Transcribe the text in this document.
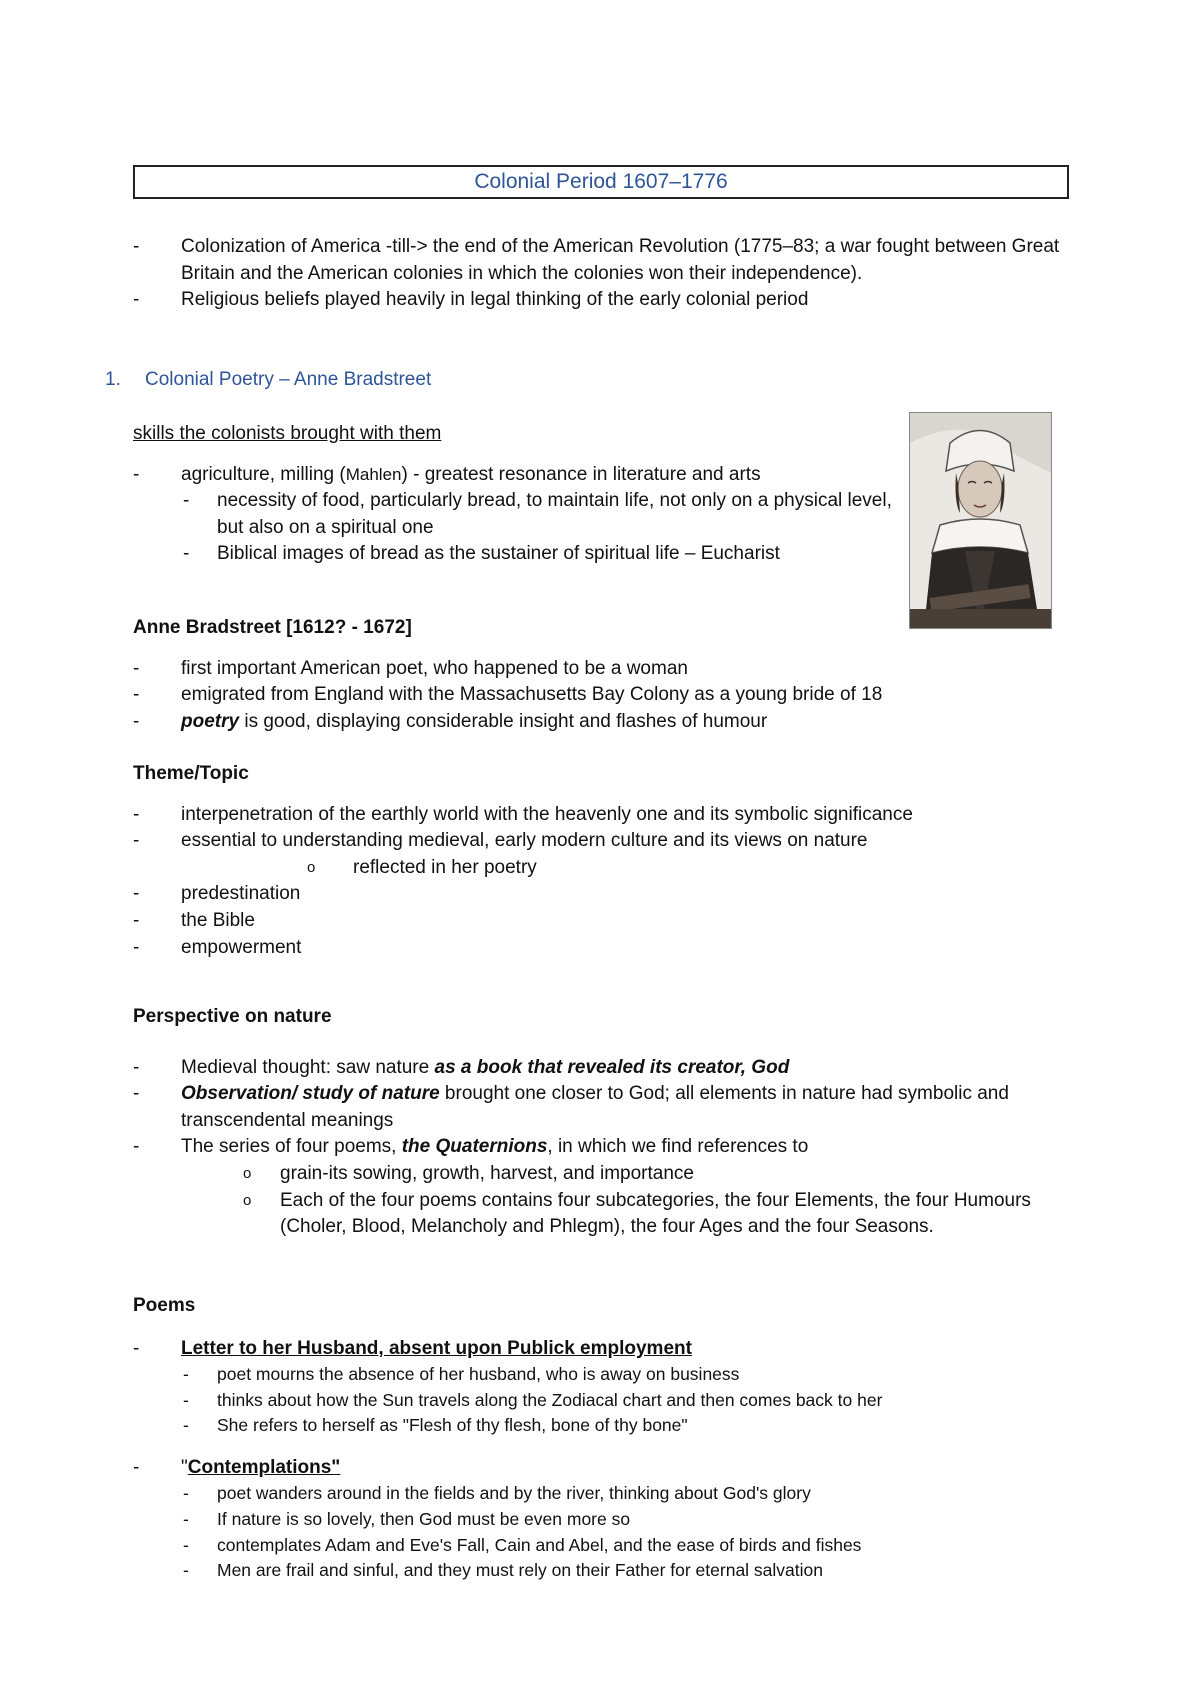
Colonial Period 1607–1776
-	Colonization of America -till-> the end of the American Revolution (1775–83; a war fought between Great Britain and the American colonies in which the colonies won their independence).
-	Religious beliefs played heavily in legal thinking of the early colonial period
1. Colonial Poetry – Anne Bradstreet
skills the colonists brought with them
-	agriculture, milling (Mahlen) - greatest resonance in literature and arts
-	necessity of food, particularly bread, to maintain life, not only on a physical level, but also on a spiritual one
-	Biblical images of bread as the sustainer of spiritual life – Eucharist
Anne Bradstreet [1612? - 1672]
-	first important American poet, who happened to be a woman
-	emigrated from England with the Massachusetts Bay Colony as a young bride of 18
-	poetry is good, displaying considerable insight and flashes of humour
Theme/Topic
-	interpenetration of the earthly world with the heavenly one and its symbolic significance
-	essential to understanding medieval, early modern culture and its views on nature
o	reflected in her poetry
-	predestination
-	the Bible
-	empowerment
Perspective on nature
-	Medieval thought: saw nature as a book that revealed its creator, God
-	Observation/ study of nature brought one closer to God; all elements in nature had symbolic and transcendental meanings
-	The series of four poems, the Quaternions, in which we find references to
o	grain-its sowing, growth, harvest, and importance
o	Each of the four poems contains four subcategories, the four Elements, the four Humours (Choler, Blood, Melancholy and Phlegm), the four Ages and the four Seasons.
Poems
-	Letter to her Husband, absent upon Publick employment
-	poet mourns the absence of her husband, who is away on business
-	thinks about how the Sun travels along the Zodiacal chart and then comes back to her
-	She refers to herself as "Flesh of thy flesh, bone of thy bone"
-	"Contemplations"
-	poet wanders around in the fields and by the river, thinking about God's glory
-	If nature is so lovely, then God must be even more so
-	contemplates Adam and Eve's Fall, Cain and Abel, and the ease of birds and fishes
-	Men are frail and sinful, and they must rely on their Father for eternal salvation
